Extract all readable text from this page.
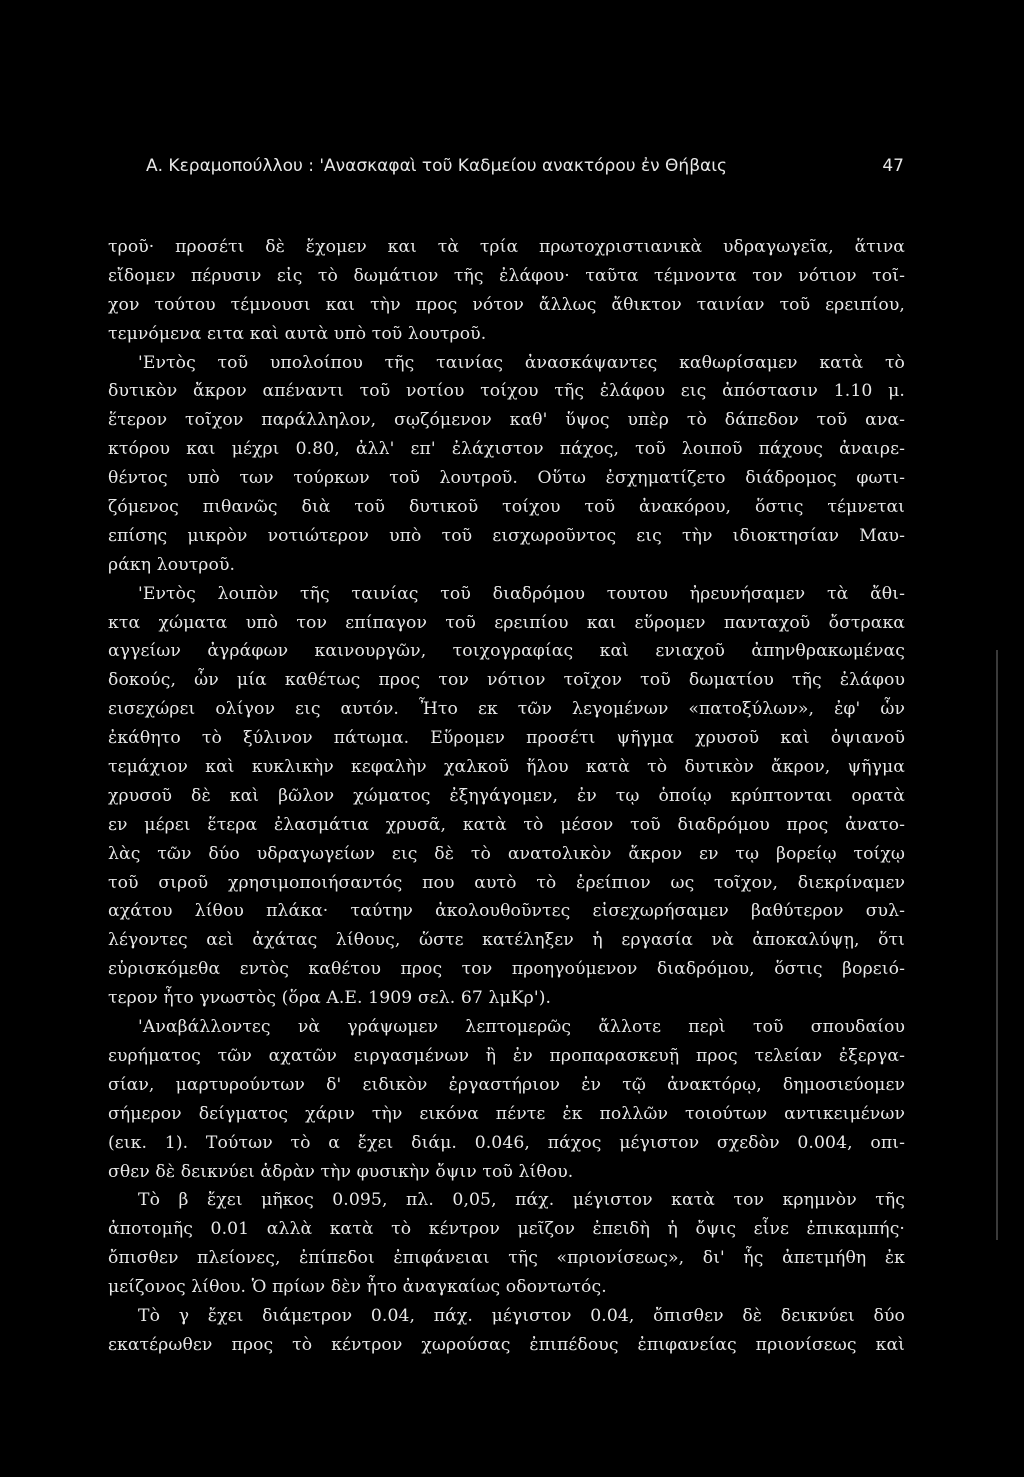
Α. Κεραμοπούλλου : 'Ανασκαφαὶ τοῦ Καδμείου ανακτόρου ἐν Θήβαις	47
τροῦ· προσέτι δὲ ἔχομεν και τὰ τρία πρωτοχριστιανικὰ υδραγωγεῖα, ἅτινα
εἴδομεν πέρυσιν εἰς τὸ δωμάτιον τῆς ἐλάφου· ταῦτα τέμνοντα τον νότιον τοῖ-
χον τούτου τέμνουσι και τὴν προς νότον ἄλλως ἄθικτον ταινίαν τοῦ ερειπίου,
τεμνόμενα ειτα καὶ αυτὰ υπὸ τοῦ λουτροῦ.
'Εντὸς τοῦ υπολοίπου τῆς ταινίας ἀνασκάψαντες καθωρίσαμεν κατὰ τὸ
δυτικὸν ἄκρον απέναντι τοῦ νοτίου τοίχου τῆς ἐλάφου εις ἀπόστασιν 1.10 μ.
ἕτερον τοῖχον παράλληλον, σῳζόμενον καθ' ὕψος υπὲρ τὸ δάπεδον τοῦ ανα-
κτόρου και μέχρι 0.80, ἀλλ' επ' ἐλάχιστον πάχος, τοῦ λοιποῦ πάχους ἀναιρε-
θέντος υπὸ των τούρκων τοῦ λουτροῦ. Οὕτω ἐσχηματίζετο διάδρομος φωτι-
ζόμενος πιθανῶς διὰ τοῦ δυτικοῦ τοίχου τοῦ ἀνακόρου, ὅστις τέμνεται
επίσης μικρὸν νοτιώτερον υπὸ τοῦ εισχωροῦντος εις τὴν ιδιοκτησίαν Μαυ-
ράκη λουτροῦ.
'Εντὸς λοιπὸν τῆς ταινίας τοῦ διαδρόμου τουτου ἠρευνήσαμεν τὰ ἄθι-
κτα χώματα υπὸ τον επίπαγον τοῦ ερειπίου και εὕρομεν πανταχοῦ ὄστρακα
αγγείων ἀγράφων καινουργῶν, τοιχογραφίας καὶ ενιαχοῦ ἀπηνθρακωμένας
δοκούς, ὧν μία καθέτως προς τον νότιον τοῖχον τοῦ δωματίου τῆς ἐλάφου
εισεχώρει ολίγον εις αυτόν. Ἦτο εκ τῶν λεγομένων «πατοξύλων», ἐφ' ὧν
ἐκάθητο τὸ ξύλινον πάτωμα. Εὕρομεν προσέτι ψῆγμα χρυσοῦ καὶ ὀψιανοῦ
τεμάχιον καὶ κυκλικὴν κεφαλὴν χαλκοῦ ἥλου κατὰ τὸ δυτικὸν ἄκρον, ψῆγμα
χρυσοῦ δὲ καὶ βῶλον χώματος ἐξηγάγομεν, ἐν τῳ ὁποίῳ κρύπτονται ορατὰ
εν μέρει ἕτερα ἐλασμάτια χρυσᾶ, κατὰ τὸ μέσον τοῦ διαδρόμου προς ἀνατο-
λὰς τῶν δύο υδραγωγείων εις δὲ τὸ ανατολικὸν ἄκρον εν τῳ βορείῳ τοίχῳ
τοῦ σιροῦ χρησιμοποιήσαντός που αυτὸ τὸ ἐρείπιον ως τοῖχον, διεκρίναμεν
αχάτου λίθου πλάκα· ταύτην ἀκολουθοῦντες εἰσεχωρήσαμεν βαθύτερον συλ-
λέγοντες αεὶ ἀχάτας λίθους, ὥστε κατέληξεν ἡ εργασία νὰ ἀποκαλύψῃ, ὅτι
εὑρισκόμεθα εντὸς καθέτου προς τον προηγούμενον διαδρόμου, ὅστις βορειό-
τερον ἦτο γνωστὸς (ὅρα Α.Ε. 1909 σελ. 67 λμΚρ').
'Αναβάλλοντες νὰ γράψωμεν λεπτομερῶς ἄλλοτε περὶ τοῦ σπουδαίου
ευρήματος τῶν αχατῶν ειργασμένων ἢ ἐν προπαρασκευῇ προς τελείαν ἐξεργα-
σίαν, μαρτυρούντων δ' ειδικὸν ἐργαστήριον ἐν τῷ ἀνακτόρῳ, δημοσιεύομεν
σήμερον δείγματος χάριν τὴν εικόνα πέντε ἐκ πολλῶν τοιούτων αντικειμένων
(εικ. 1). Τούτων τὸ α ἔχει διάμ. 0.046, πάχος μέγιστον σχεδὸν 0.004, οπι-
σθεν δὲ δεικνύει ἁδρὰν τὴν φυσικὴν ὄψιν τοῦ λίθου.
Τὸ β ἔχει μῆκος 0.095, πλ. 0,05, πάχ. μέγιστον κατὰ τον κρημνὸν τῆς
ἀποτομῆς 0.01 αλλὰ κατὰ τὸ κέντρον μεῖζον ἐπειδὴ ἡ ὄψις εἶνε ἐπικαμπής·
ὄπισθεν πλείονες, ἐπίπεδοι ἐπιφάνειαι τῆς «πριονίσεως», δι' ἧς ἀπετμήθη ἐκ
μείζονος λίθου. Ὁ πρίων δὲν ἦτο ἀναγκαίως οδοντωτός.
Τὸ γ ἔχει διάμετρον 0.04, πάχ. μέγιστον 0.04, ὄπισθεν δὲ δεικνύει δύο
εκατέρωθεν προς τὸ κέντρον χωρούσας ἐπιπέδους ἐπιφανείας πριονίσεως καὶ
